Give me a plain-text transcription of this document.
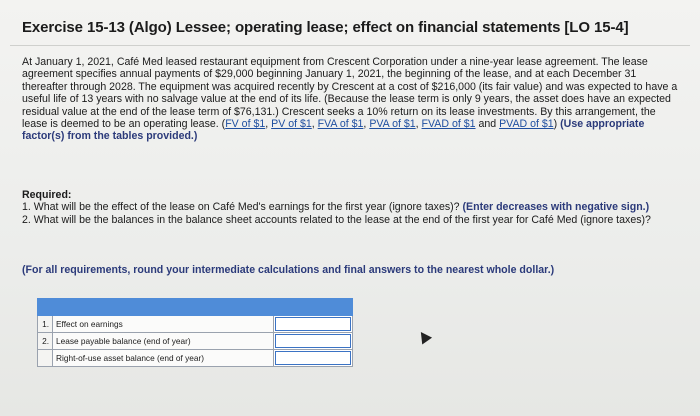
Exercise 15-13 (Algo) Lessee; operating lease; effect on financial statements [LO 15-4]
At January 1, 2021, Café Med leased restaurant equipment from Crescent Corporation under a nine-year lease agreement. The lease agreement specifies annual payments of $29,000 beginning January 1, 2021, the beginning of the lease, and at each December 31 thereafter through 2028. The equipment was acquired recently by Crescent at a cost of $216,000 (its fair value) and was expected to have a useful life of 13 years with no salvage value at the end of its life. (Because the lease term is only 9 years, the asset does have an expected residual value at the end of the lease term of $76,131.) Crescent seeks a 10% return on its lease investments. By this arrangement, the lease is deemed to be an operating lease. (FV of $1, PV of $1, FVA of $1, PVA of $1, FVAD of $1 and PVAD of $1) (Use appropriate factor(s) from the tables provided.)
Required:
1. What will be the effect of the lease on Café Med's earnings for the first year (ignore taxes)? (Enter decreases with negative sign.)
2. What will be the balances in the balance sheet accounts related to the lease at the end of the first year for Café Med (ignore taxes)?
(For all requirements, round your intermediate calculations and final answers to the nearest whole dollar.)

1.	Effect on earnings	
2.	Lease payable balance (end of year)	
	Right-of-use asset balance (end of year)	
